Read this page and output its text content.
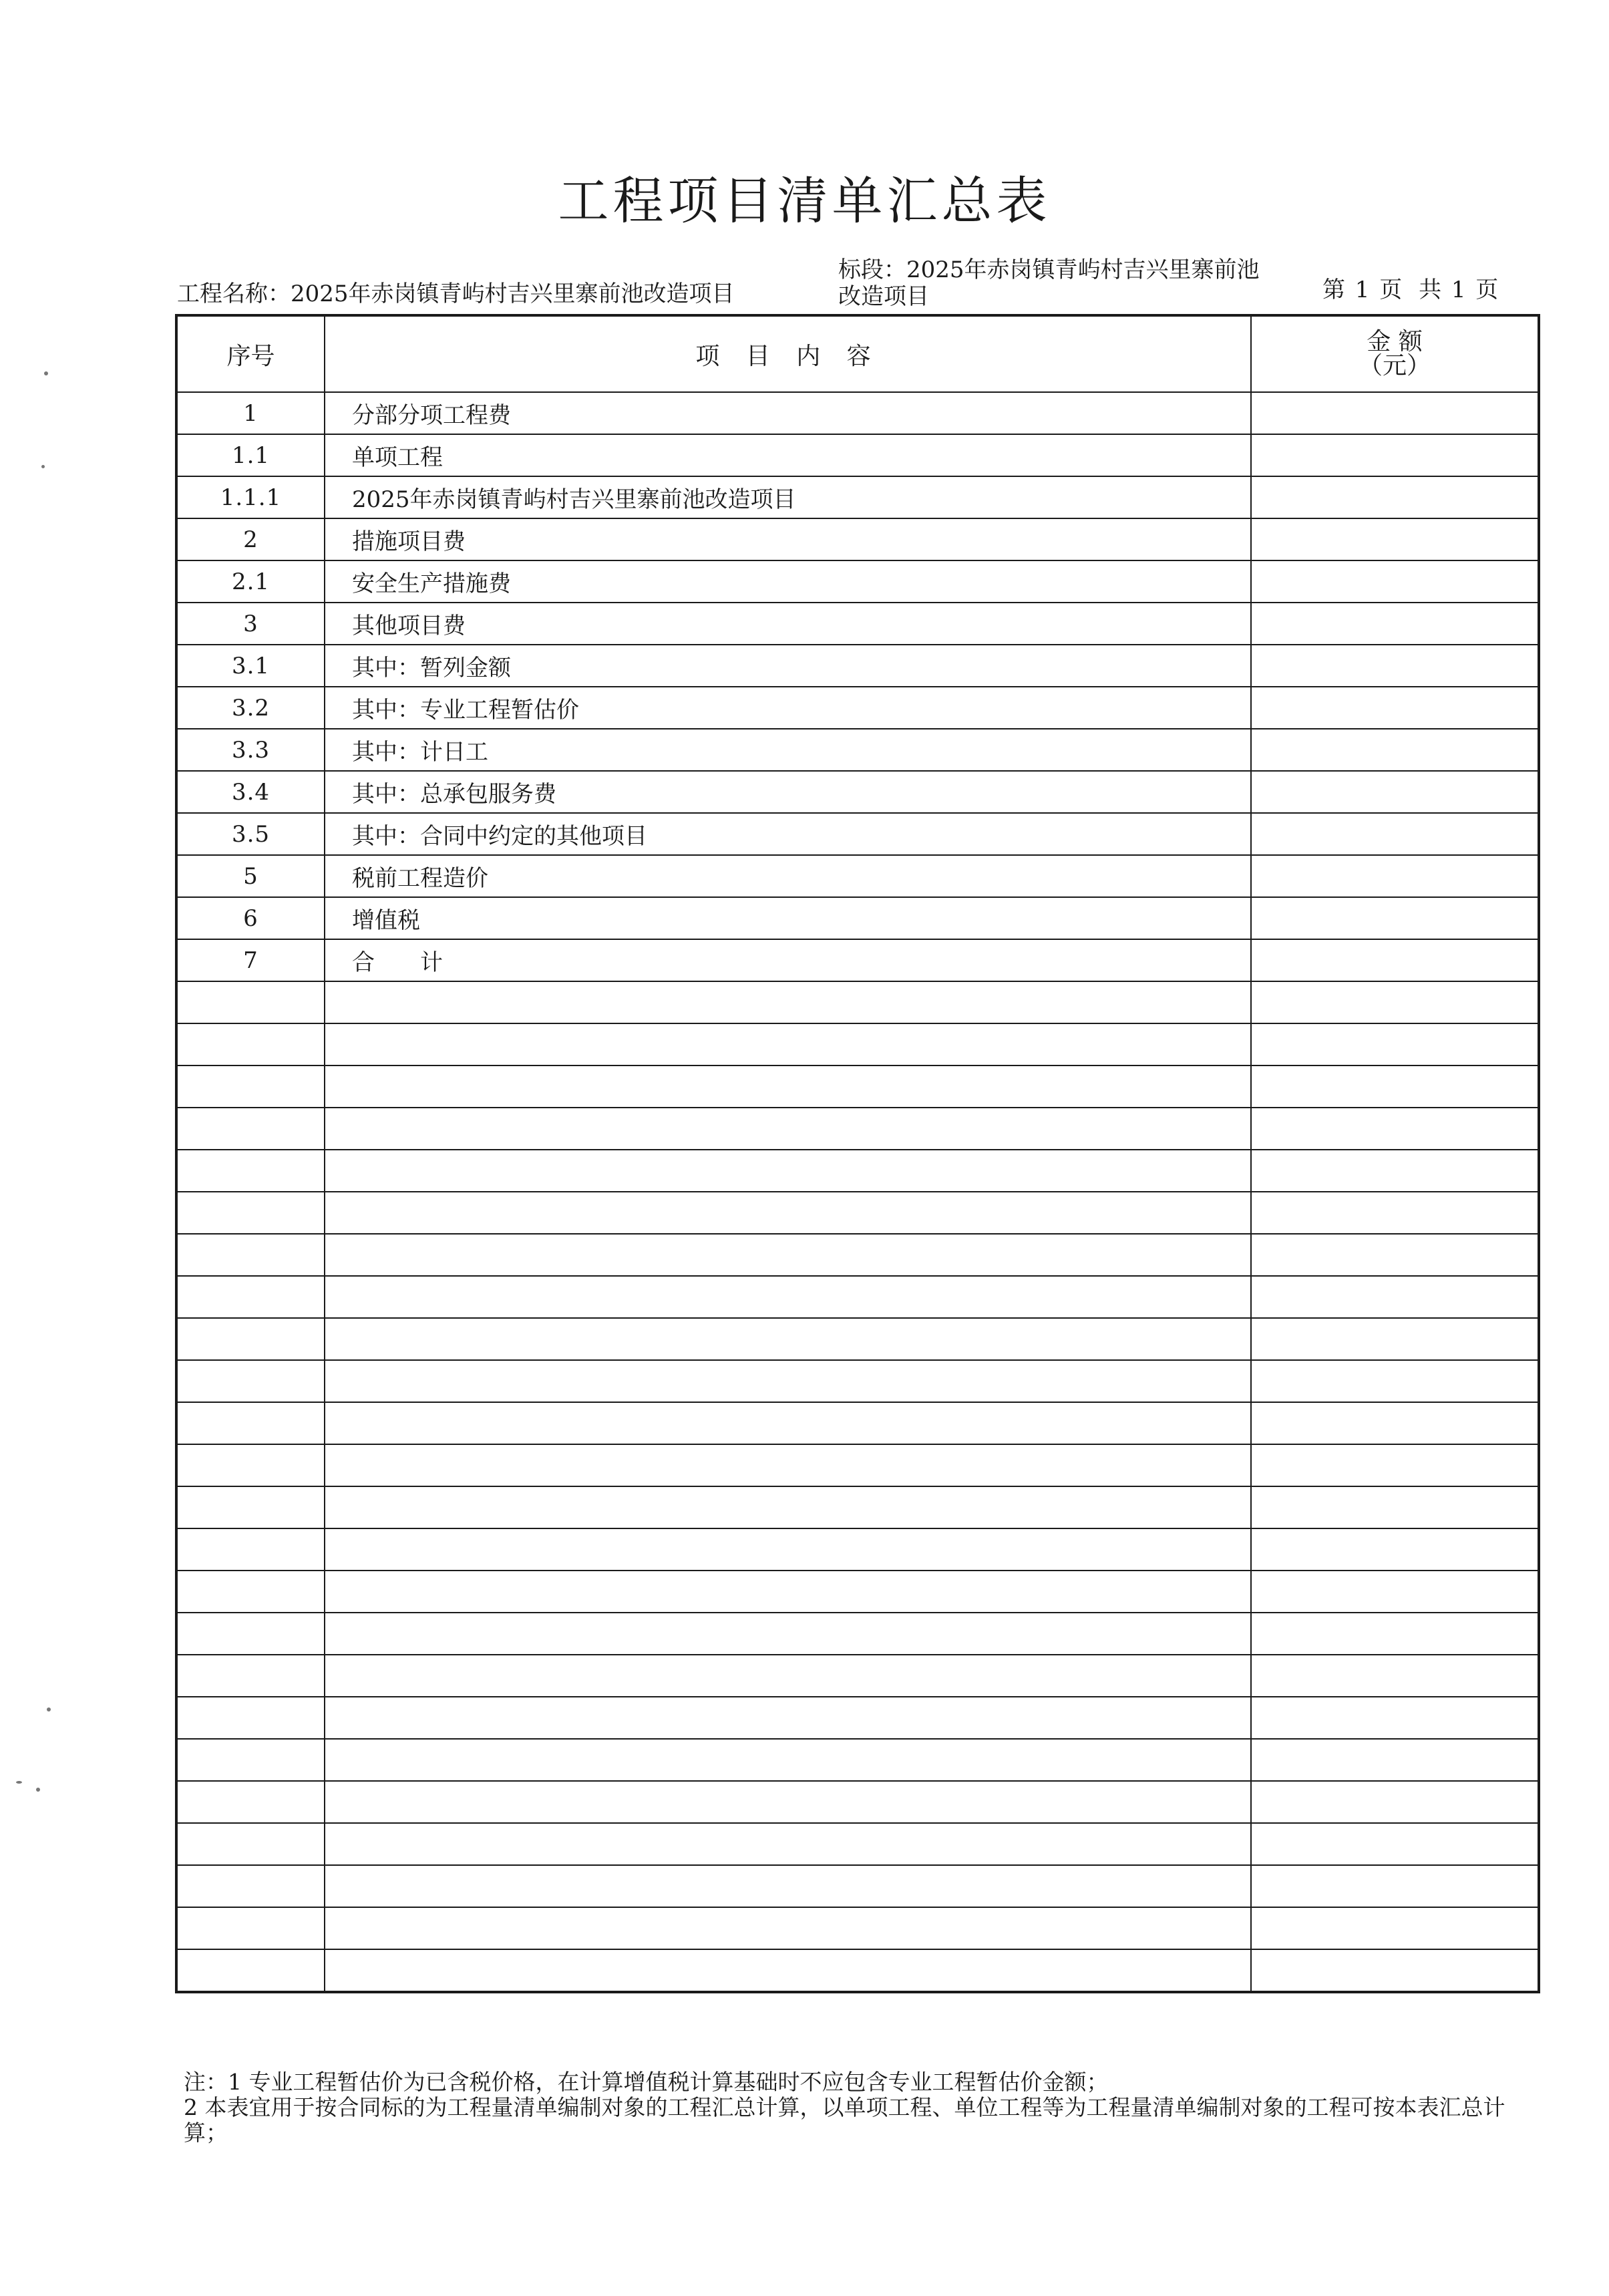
工程项目清单汇总表
工程名称：2025年赤岗镇青屿村吉兴里寨前池改造项目
标段：2025年赤岗镇青屿村吉兴里寨前池改造项目	第 1 页 共 1 页
序号	项 目 内 容	金 额
（元）

1	分部分项工程费	
1.1	单项工程	
1.1.1	2025年赤岗镇青屿村吉兴里寨前池改造项目	
2	措施项目费	
2.1	安全生产措施费	
3	其他项目费	
3.1	其中：暂列金额	
3.2	其中：专业工程暂估价	
3.3	其中：计日工	
3.4	其中：总承包服务费	
3.5	其中：合同中约定的其他项目	
5	税前工程造价	
6	增值税	
7	合　　计	

注：1 专业工程暂估价为已含税价格，在计算增值税计算基础时不应包含专业工程暂估价金额；

2 本表宜用于按合同标的为工程量清单编制对象的工程汇总计算，以单项工程、单位工程等为工程量清单编制对象的工程可按本表汇总计算；
